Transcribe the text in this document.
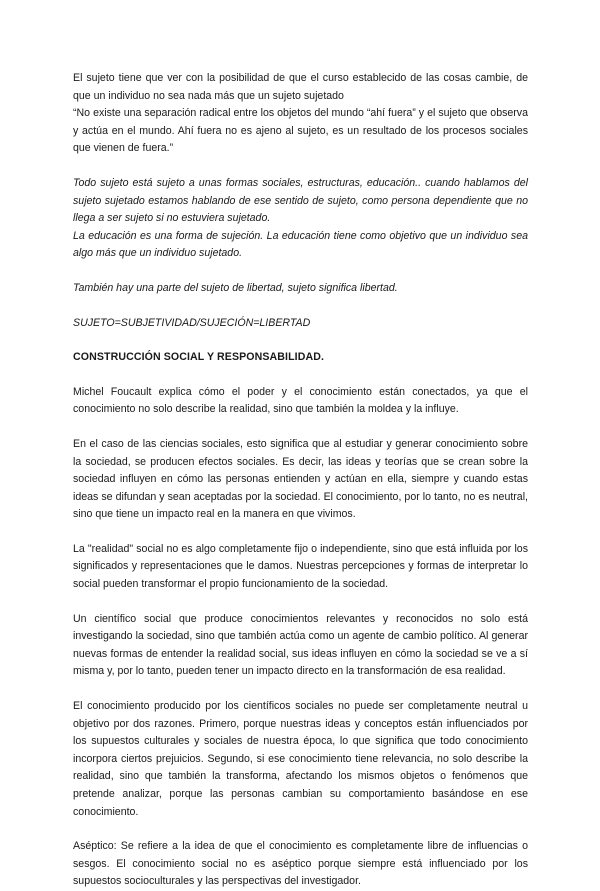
El sujeto tiene que ver con la posibilidad de que el curso establecido de las cosas cambie, de que un individuo no sea nada más que un sujeto sujetado

“No existe una separación radical entre los objetos del mundo “ahí fuera” y el sujeto que observa y actúa en el mundo. Ahí fuera no es ajeno al sujeto, es un resultado de los procesos sociales que vienen de fuera.”

Todo sujeto está sujeto a unas formas sociales, estructuras, educación.. cuando hablamos del sujeto sujetado estamos hablando de ese sentido de sujeto, como persona dependiente que no llega a ser sujeto si no estuviera sujetado.

La educación es una forma de sujeción. La educación tiene como objetivo que un individuo sea algo más que un individuo sujetado.

También hay una parte del sujeto de libertad, sujeto significa libertad.

SUJETO=SUBJETIVIDAD/SUJECIÓN=LIBERTAD

CONSTRUCCIÓN SOCIAL Y RESPONSABILIDAD.

Michel Foucault explica cómo el poder y el conocimiento están conectados, ya que el conocimiento no solo describe la realidad, sino que también la moldea y la influye.

En el caso de las ciencias sociales, esto significa que al estudiar y generar conocimiento sobre la sociedad, se producen efectos sociales. Es decir, las ideas y teorías que se crean sobre la sociedad influyen en cómo las personas entienden y actúan en ella, siempre y cuando estas ideas se difundan y sean aceptadas por la sociedad. El conocimiento, por lo tanto, no es neutral, sino que tiene un impacto real en la manera en que vivimos.

La "realidad" social no es algo completamente fijo o independiente, sino que está influida por los significados y representaciones que le damos. Nuestras percepciones y formas de interpretar lo social pueden transformar el propio funcionamiento de la sociedad.

Un científico social que produce conocimientos relevantes y reconocidos no solo está investigando la sociedad, sino que también actúa como un agente de cambio político. Al generar nuevas formas de entender la realidad social, sus ideas influyen en cómo la sociedad se ve a sí misma y, por lo tanto, pueden tener un impacto directo en la transformación de esa realidad.

El conocimiento producido por los científicos sociales no puede ser completamente neutral u objetivo por dos razones. Primero, porque nuestras ideas y conceptos están influenciados por los supuestos culturales y sociales de nuestra época, lo que significa que todo conocimiento incorpora ciertos prejuicios. Segundo, si ese conocimiento tiene relevancia, no solo describe la realidad, sino que también la transforma, afectando los mismos objetos o fenómenos que pretende analizar, porque las personas cambian su comportamiento basándose en ese conocimiento.

Aséptico: Se refiere a la idea de que el conocimiento es completamente libre de influencias o sesgos. El conocimiento social no es aséptico porque siempre está influenciado por los supuestos socioculturales y las perspectivas del investigador.
